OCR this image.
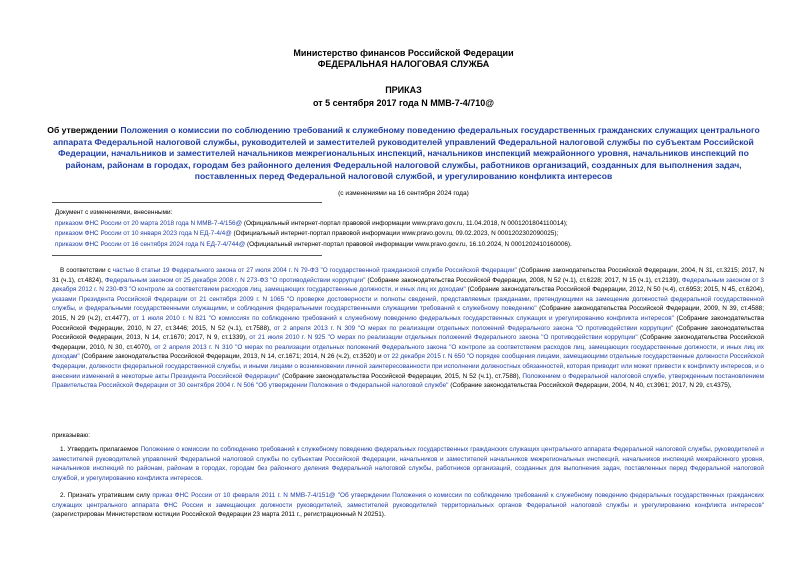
Министерство финансов Российской Федерации
ФЕДЕРАЛЬНАЯ НАЛОГОВАЯ СЛУЖБА
ПРИКАЗ
от 5 сентября 2017 года N ММВ-7-4/710@
Об утверждении Положения о комиссии по соблюдению требований к служебному поведению федеральных государственных гражданских служащих центрального аппарата Федеральной налоговой службы, руководителей и заместителей руководителей управлений Федеральной налоговой службы по субъектам Российской Федерации, начальников и заместителей начальников межрегиональных инспекций, начальников инспекций межрайонного уровня, начальников инспекций по районам, районам в городах, городам без районного деления Федеральной налоговой службы, работников организаций, созданных для выполнения задач, поставленных перед Федеральной налоговой службой, и урегулированию конфликта интересов
(с изменениями на 16 сентября 2024 года)
Документ с изменениями, внесенными:
приказом ФНС России от 20 марта 2018 года N ММВ-7-4/156@ (Официальный интернет-портал правовой информации www.pravo.gov.ru, 11.04.2018, N 0001201804110014);
приказом ФНС России от 10 января 2023 года N ЕД-7-4/4@ (Официальный интернет-портал правовой информации www.pravo.gov.ru, 09.02.2023, N 0001202302090025);
приказом ФНС России от 16 сентября 2024 года N ЕД-7-4/744@ (Официальный интернет-портал правовой информации www.pravo.gov.ru, 16.10.2024, N 0001202410160006).
В соответствии с частью 8 статьи 19 Федерального закона от 27 июля 2004 г. N 79-ФЗ "О государственной гражданской службе Российской Федерации" (Собрание законодательства Российской Федерации, 2004, N 31, ст.3215; 2017, N 31 (ч.1), ст.4824), Федеральным законом от 25 декабря 2008 г. N 273-ФЗ "О противодействии коррупции" (Собрание законодательства Российской Федерации, 2008, N 52 (ч.1), ст.6228; 2017, N 15 (ч.1), ст.2139), Федеральным законом от 3 декабря 2012 г. N 230-ФЗ "О контроле за соответствием расходов лиц, замещающих государственные должности, и иных лиц их доходам" (Собрание законодательства Российской Федерации, 2012, N 50 (ч.4), ст.6953; 2015, N 45, ст.6204), указами Президента Российской Федерации от 21 сентября 2009 г. N 1065 "О проверке достоверности и полноты сведений, представляемых гражданами, претендующими на замещение должностей федеральной государственной службы, и федеральными государственными служащими, и соблюдения федеральными государственными служащими требований к служебному поведению" (Собрание законодательства Российской Федерации, 2009, N 39, ст.4588; 2015, N 29 (ч.2), ст.4477), от 1 июля 2010 г. N 821 "О комиссиях по соблюдению требований к служебному поведению федеральных государственных служащих и урегулированию конфликта интересов" (Собрание законодательства Российской Федерации, 2010, N 27, ст.3446; 2015, N 52 (ч.1), ст.7588), от 2 апреля 2013 г. N 309 "О мерах по реализации отдельных положений Федерального закона "О противодействии коррупции" (Собрание законодательства Российской Федерации, 2013, N 14, ст.1670; 2017, N 9, ст.1339), от 21 июля 2010 г. N 925 "О мерах по реализации отдельных положений Федерального закона "О противодействии коррупции" (Собрание законодательства Российской Федерации, 2010, N 30, ст.4070), от 2 апреля 2013 г. N 310 "О мерах по реализации отдельных положений Федерального закона "О контроле за соответствием расходов лиц, замещающих государственные должности, и иных лиц их доходам" (Собрание законодательства Российской Федерации, 2013, N 14, ст.1671; 2014, N 26 (ч.2), ст.3520) и от 22 декабря 2015 г. N 650 "О порядке сообщения лицами, замещающими отдельные государственные должности Российской Федерации, должности федеральной государственной службы, и иными лицами о возникновении личной заинтересованности при исполнении должностных обязанностей, которая приводит или может привести к конфликту интересов, и о внесении изменений в некоторые акты Президента Российской Федерации" (Собрание законодательства Российской Федерации, 2015, N 52 (ч.1), ст.7588), Положением о Федеральной налоговой службе, утвержденным постановлением Правительства Российской Федерации от 30 сентября 2004 г. N 506 "Об утверждении Положения о Федеральной налоговой службе" (Собрание законодательства Российской Федерации, 2004, N 40, ст.3961; 2017, N 29, ст.4375),
приказываю:
1. Утвердить прилагаемое Положение о комиссии по соблюдению требований к служебному поведению федеральных государственных гражданских служащих центрального аппарата Федеральной налоговой службы, руководителей и заместителей руководителей управлений Федеральной налоговой службы по субъектам Российской Федерации, начальников и заместителей начальников межрегиональных инспекций, начальников инспекций межрайонного уровня, начальников инспекций по районам, районам в городах, городам без районного деления Федеральной налоговой службы, работников организаций, созданных для выполнения задач, поставленных перед Федеральной налоговой службой, и урегулированию конфликта интересов.
2. Признать утратившим силу приказ ФНС России от 10 февраля 2011 г. N ММВ-7-4/151@ "Об утверждении Положения о комиссии по соблюдению требований к служебному поведению федеральных государственных гражданских служащих центрального аппарата ФНС России и замещающих должности руководителей, заместителей руководителей территориальных органов Федеральной налоговой службы и урегулированию конфликта интересов" (зарегистрирован Министерством юстиции Российской Федерации 23 марта 2011 г., регистрационный N 20251).
